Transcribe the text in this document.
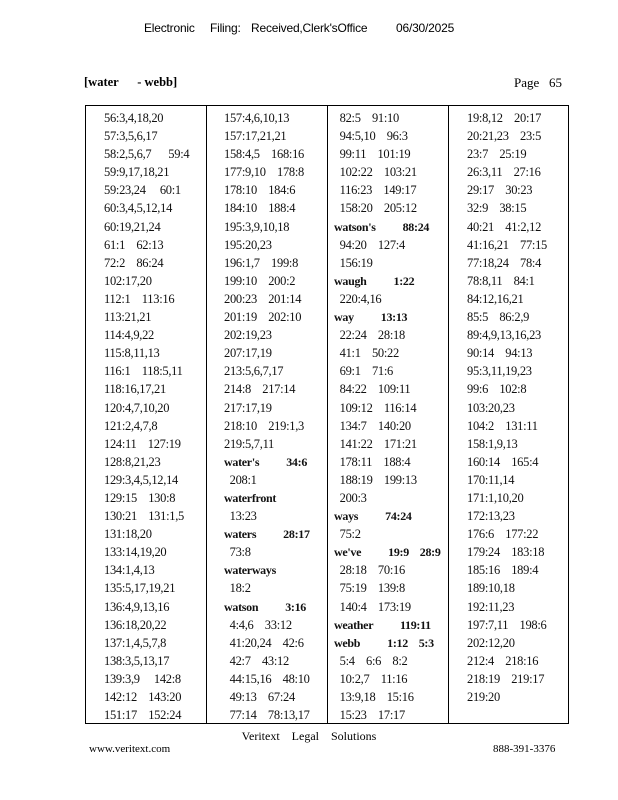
Electronic Filing: Received,Clerk'sOffice 06/30/2025
[water      - webb]	Page   65
56:3,4,18,20
57:3,5,6,17
58:2,5,6,7      59:4
59:9,17,18,21
59:23,24     60:1
60:3,4,5,12,14
60:19,21,24
61:1    62:13
72:2    86:24
102:17,20
112:1    113:16
113:21,21
114:4,9,22
115:8,11,13
116:1    118:5,11
118:16,17,21
120:4,7,10,20
121:2,4,7,8
124:11    127:19
128:8,21,23
129:3,4,5,12,14
129:15    130:8
130:21    131:1,5
131:18,20
133:14,19,20
134:1,4,13
135:5,17,19,21
136:4,9,13,16
136:18,20,22
137:1,4,5,7,8
138:3,5,13,17
139:3,9     142:8
142:12    143:20
151:17    152:24
157:4,6,10,13
157:17,21,21
158:4,5    168:16
177:9,10    178:8
178:10    184:6
184:10    188:4
195:3,9,10,18
195:20,23
196:1,7    199:8
199:10    200:2
200:23    201:14
201:19    202:10
202:19,23
207:17,19
213:5,6,7,17
214:8    217:14
217:17,19
218:10    219:1,3
219:5,7,11
water's          34:6
208:1
waterfront
13:23
waters          28:17
73:8
waterways
18:2
watson          3:16
4:4,6    33:12
41:20,24    42:6
42:7    43:12
44:15,16    48:10
49:13    67:24
77:14    78:13,17
82:5    91:10
94:5,10    96:3
99:11    101:19
102:22    103:21
116:23    149:17
158:20    205:12
watson's          88:24
94:20    127:4
156:19
waugh          1:22
220:4,16
way          13:13
22:24    28:18
41:1    50:22
69:1    71:6
84:22    109:11
109:12    116:14
134:7    140:20
141:22    171:21
178:11    188:4
188:19    199:13
200:3
ways          74:24
75:2
we've          19:9    28:9
28:18    70:16
75:19    139:8
140:4    173:19
weather          119:11
webb          1:12    5:3
5:4    6:6    8:2
10:2,7    11:16
13:9,18    15:16
15:23    17:17
19:8,12    20:17
20:21,23    23:5
23:7    25:19
26:3,11    27:16
29:17    30:23
32:9    38:15
40:21    41:2,12
41:16,21    77:15
77:18,24    78:4
78:8,11    84:1
84:12,16,21
85:5    86:2,9
89:4,9,13,16,23
90:14    94:13
95:3,11,19,23
99:6    102:8
103:20,23
104:2    131:11
158:1,9,13
160:14    165:4
170:11,14
171:1,10,20
172:13,23
176:6    177:22
179:24    183:18
185:16    189:4
189:10,18
192:11,23
197:7,11    198:6
202:12,20
212:4    218:16
218:19    219:17
219:20
Veritext    Legal    Solutions
www.veritext.com	888-391-3376
